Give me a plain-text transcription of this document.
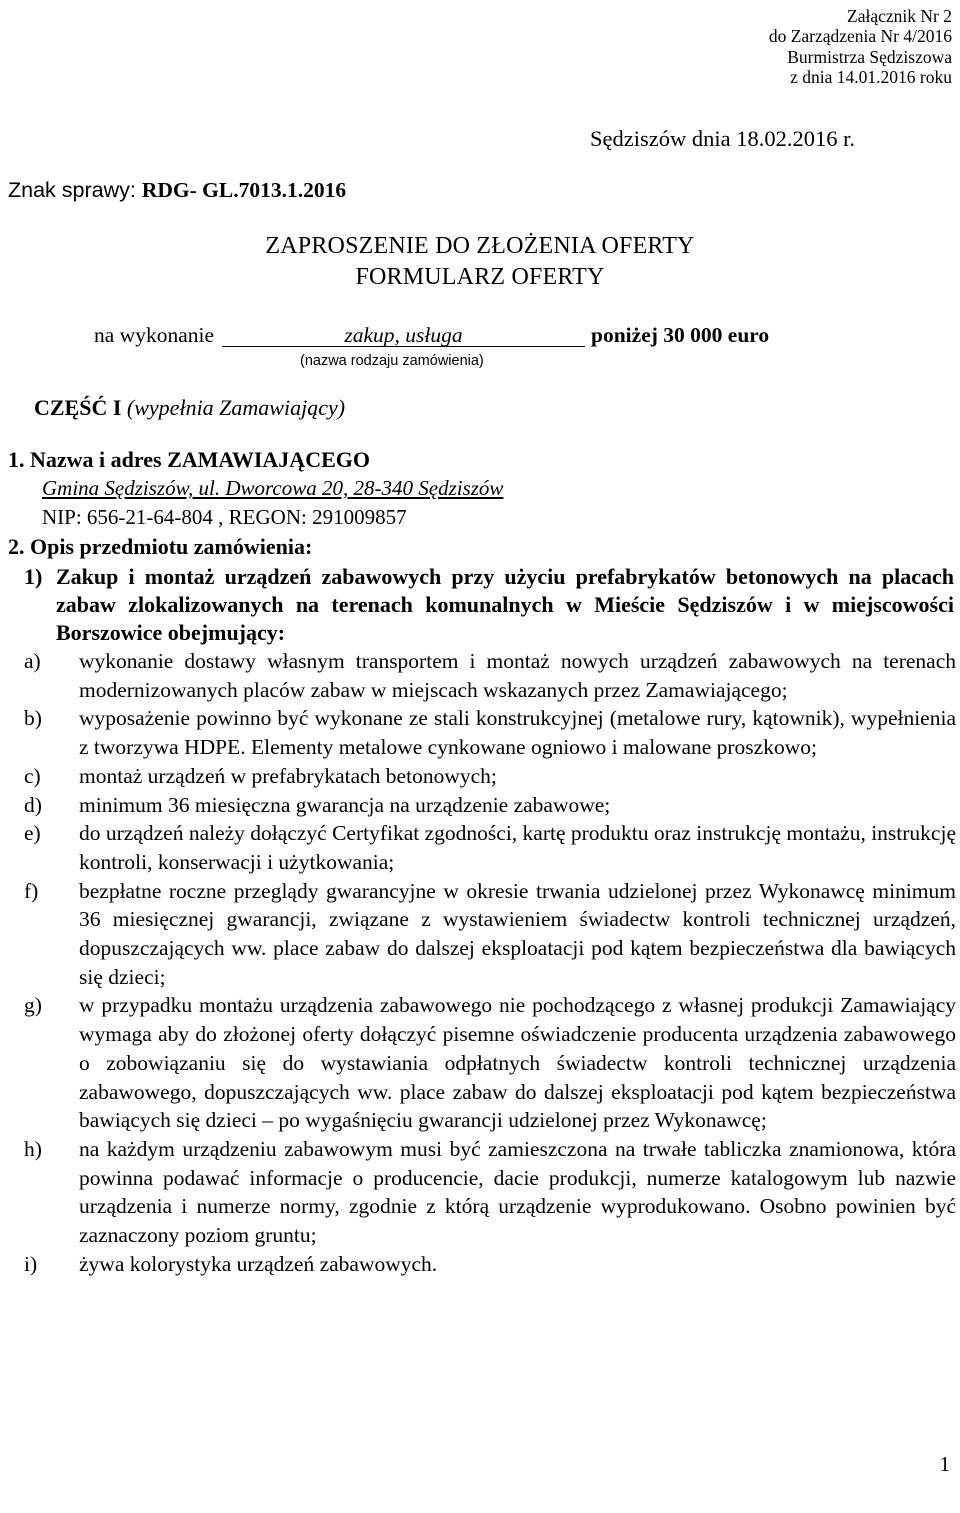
Załącznik Nr 2
do Zarządzenia Nr 4/2016
Burmistrza Sędziszowa
z dnia 14.01.2016 roku
Sędziszów dnia 18.02.2016 r.
Znak sprawy: RDG- GL.7013.1.2016
ZAPROSZENIE DO ZŁOŻENIA OFERTY
FORMULARZ OFERTY
na wykonanie	zakup, usługa	poniżej 30 000 euro
(nazwa rodzaju zamówienia)
CZĘŚĆ I (wypełnia Zamawiający)
1. Nazwa i adres ZAMAWIAJĄCEGO
Gmina Sędziszów, ul. Dworcowa 20, 28-340 Sędziszów
NIP: 656-21-64-804 , REGON: 291009857
2. Opis przedmiotu zamówienia:
1) Zakup i montaż urządzeń zabawowych przy użyciu prefabrykatów betonowych na placach zabaw zlokalizowanych na terenach komunalnych w Mieście Sędziszów i w miejscowości Borszowice obejmujący:
a) wykonanie dostawy własnym transportem i montaż nowych urządzeń zabawowych na terenach modernizowanych placów zabaw w miejscach wskazanych przez Zamawiającego;
b) wyposażenie powinno być wykonane ze stali konstrukcyjnej (metalowe rury, kątownik), wypełnienia z tworzywa HDPE. Elementy metalowe cynkowane ogniowo i malowane proszkowo;
c) montaż urządzeń w prefabrykatach betonowych;
d) minimum 36 miesięczna gwarancja na urządzenie zabawowe;
e) do urządzeń należy dołączyć Certyfikat zgodności, kartę produktu oraz instrukcję montażu, instrukcję kontroli, konserwacji i użytkowania;
f) bezpłatne roczne przeglądy gwarancyjne w okresie trwania udzielonej przez Wykonawcę minimum 36 miesięcznej gwarancji, związane z wystawieniem świadectw kontroli technicznej urządzeń, dopuszczających ww. place zabaw do dalszej eksploatacji pod kątem bezpieczeństwa dla bawiących się dzieci;
g) w przypadku montażu urządzenia zabawowego nie pochodzącego z własnej produkcji Zamawiający wymaga aby do złożonej oferty dołączyć pisemne oświadczenie producenta urządzenia zabawowego o zobowiązaniu się do wystawiania odpłatnych świadectw kontroli technicznej urządzenia zabawowego, dopuszczających ww. place zabaw do dalszej eksploatacji pod kątem bezpieczeństwa bawiących się dzieci – po wygaśnięciu gwarancji udzielonej przez Wykonawcę;
h) na każdym urządzeniu zabawowym musi być zamieszczona na trwałe tabliczka znamionowa, która powinna podawać informacje o producencie, dacie produkcji, numerze katalogowym lub nazwie urządzenia i numerze normy, zgodnie z którą urządzenie wyprodukowano. Osobno powinien być zaznaczony poziom gruntu;
i) żywa kolorystyka urządzeń zabawowych.
1
